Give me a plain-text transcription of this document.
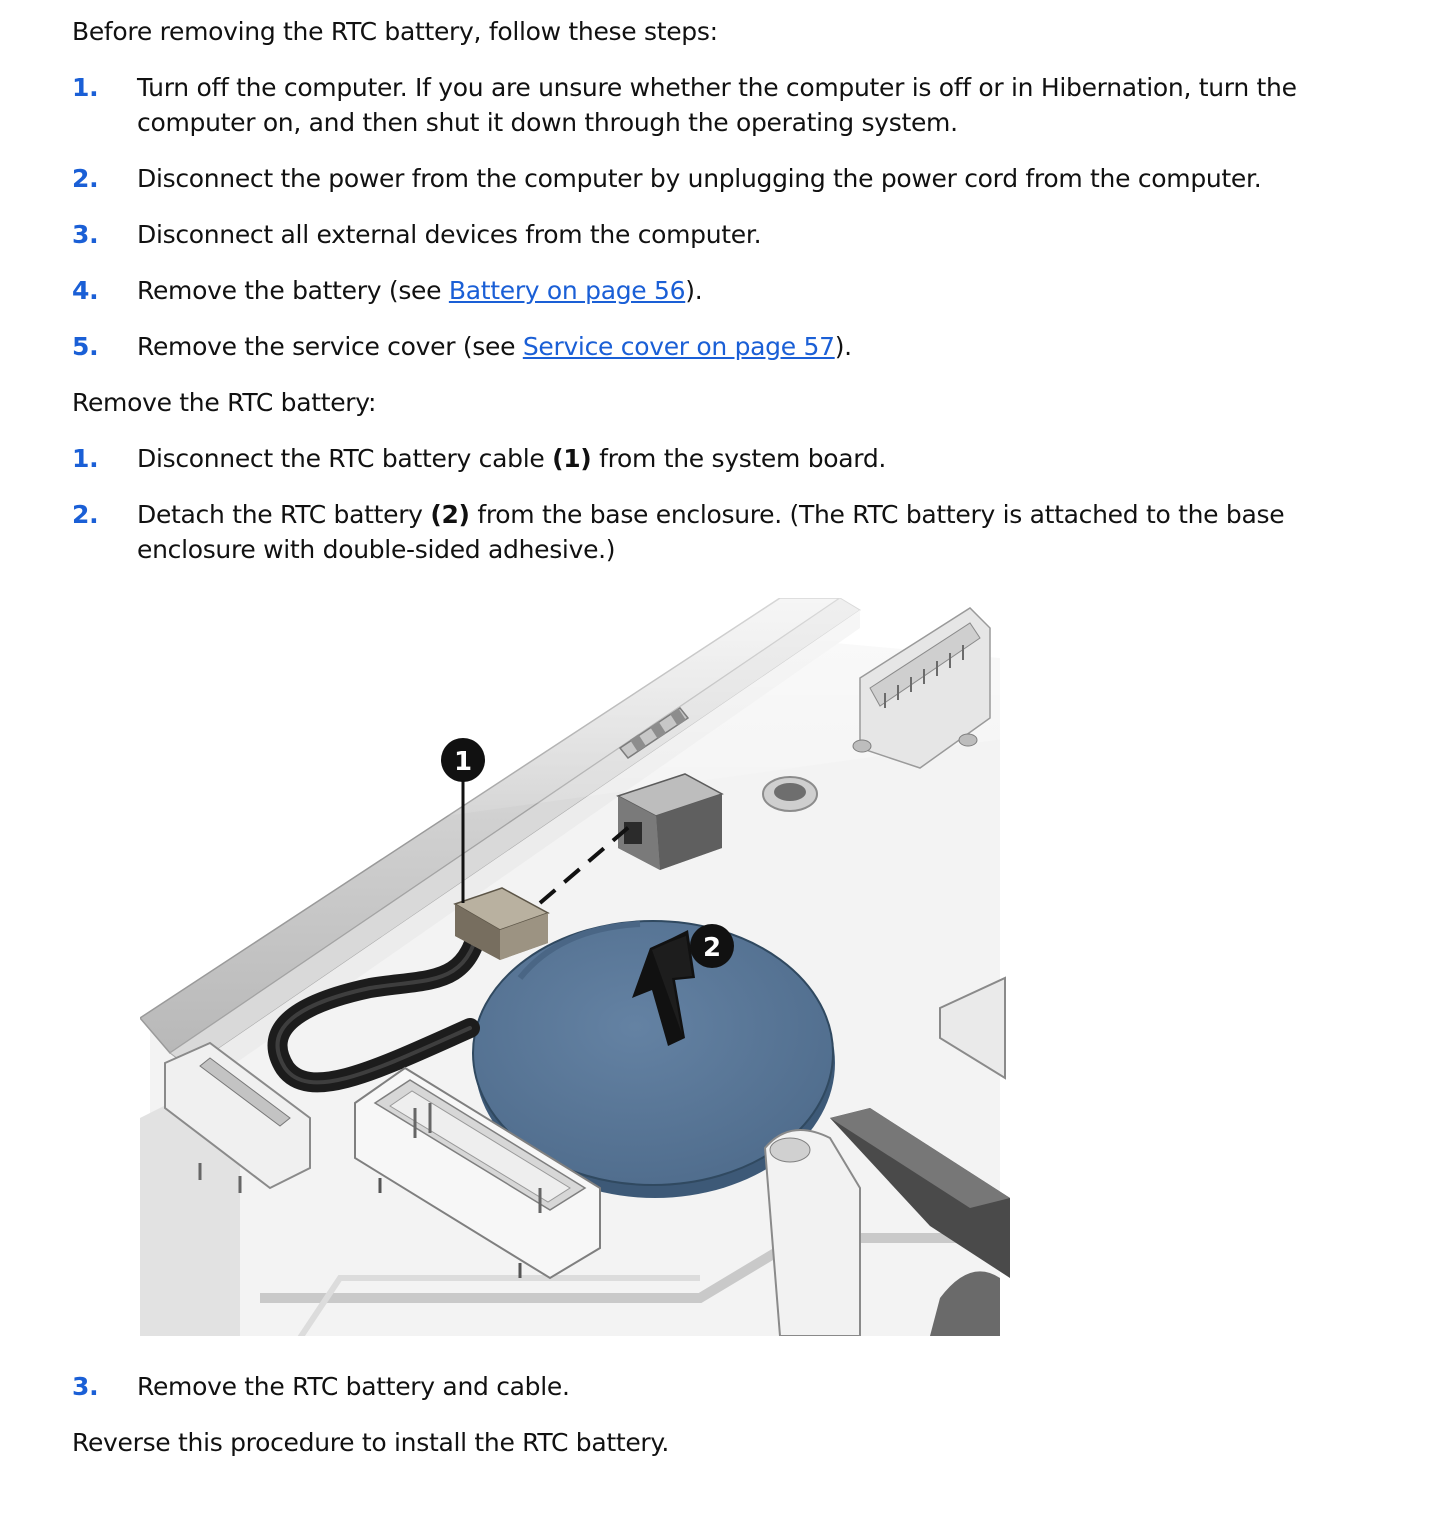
Before removing the RTC battery, follow these steps:
1. Turn off the computer. If you are unsure whether the computer is off or in Hibernation, turn the computer on, and then shut it down through the operating system.
2. Disconnect the power from the computer by unplugging the power cord from the computer.
3. Disconnect all external devices from the computer.
4. Remove the battery (see Battery on page 56).
5. Remove the service cover (see Service cover on page 57).
Remove the RTC battery:
1. Disconnect the RTC battery cable (1) from the system board.
2. Detach the RTC battery (2) from the base enclosure. (The RTC battery is attached to the base enclosure with double-sided adhesive.)
1
2
3. Remove the RTC battery and cable.
Reverse this procedure to install the RTC battery.
